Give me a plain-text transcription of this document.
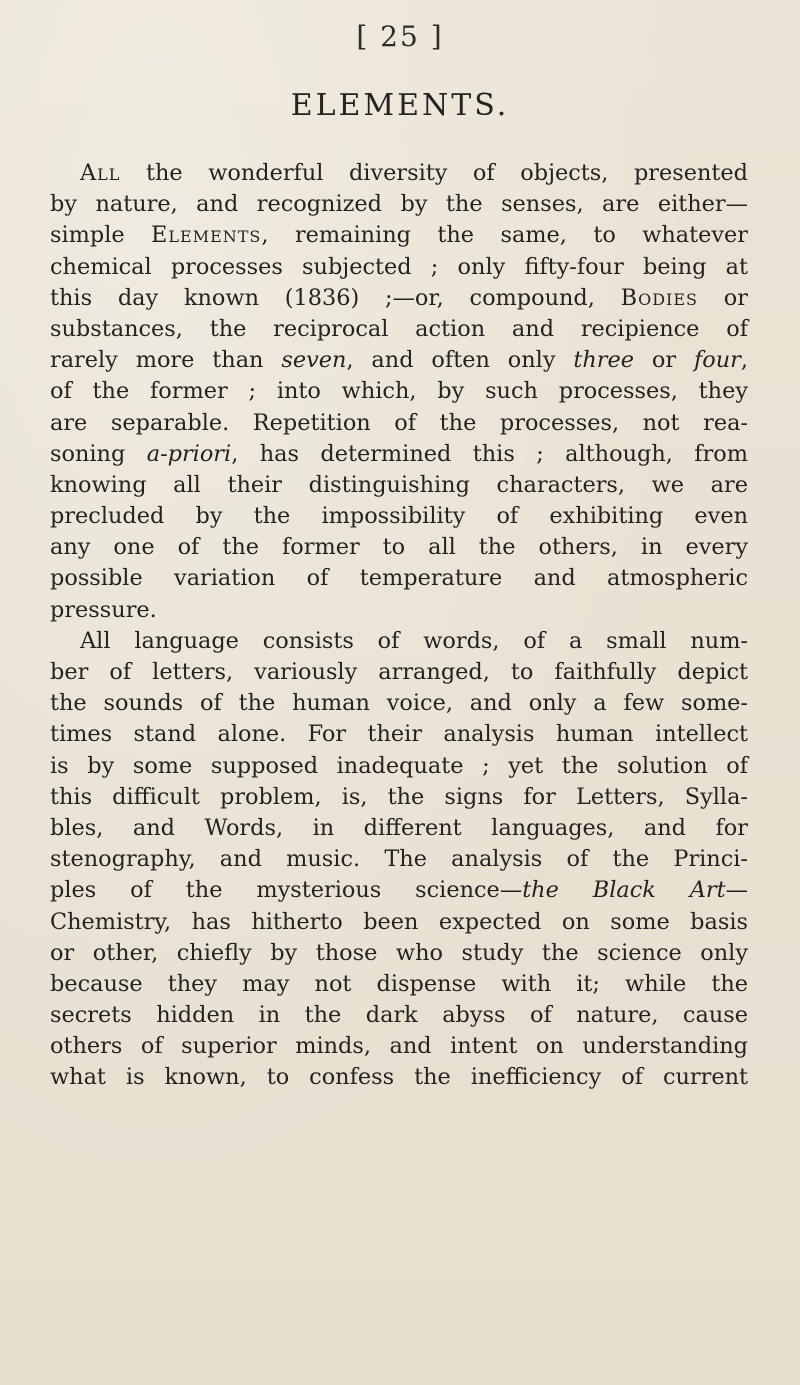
[ 25 ]
ELEMENTS.

All the wonderful diversity of objects, presented
by nature, and recognized by the senses, are either—
simple Elements, remaining the same, to whatever
chemical processes subjected ; only fifty-four being at
this day known (1836) ;—or, compound, Bodies or
substances, the reciprocal action and recipience of
rarely more than seven, and often only three or four,
of the former ; into which, by such processes, they
are separable. Repetition of the processes, not rea-
soning a-priori, has determined this ; although, from
knowing all their distinguishing characters, we are
precluded by the impossibility of exhibiting even
any one of the former to all the others, in every
possible variation of temperature and atmospheric
pressure.

All language consists of words, of a small num-
ber of letters, variously arranged, to faithfully depict
the sounds of the human voice, and only a few some-
times stand alone. For their analysis human intellect
is by some supposed inadequate ; yet the solution of
this difficult problem, is, the signs for Letters, Sylla-
bles, and Words, in different languages, and for
stenography, and music. The analysis of the Princi-
ples of the mysterious science—the Black Art—
Chemistry, has hitherto been expected on some basis
or other, chiefly by those who study the science only
because they may not dispense with it; while the
secrets hidden in the dark abyss of nature, cause
others of superior minds, and intent on understanding
what is known, to confess the inefficiency of current
